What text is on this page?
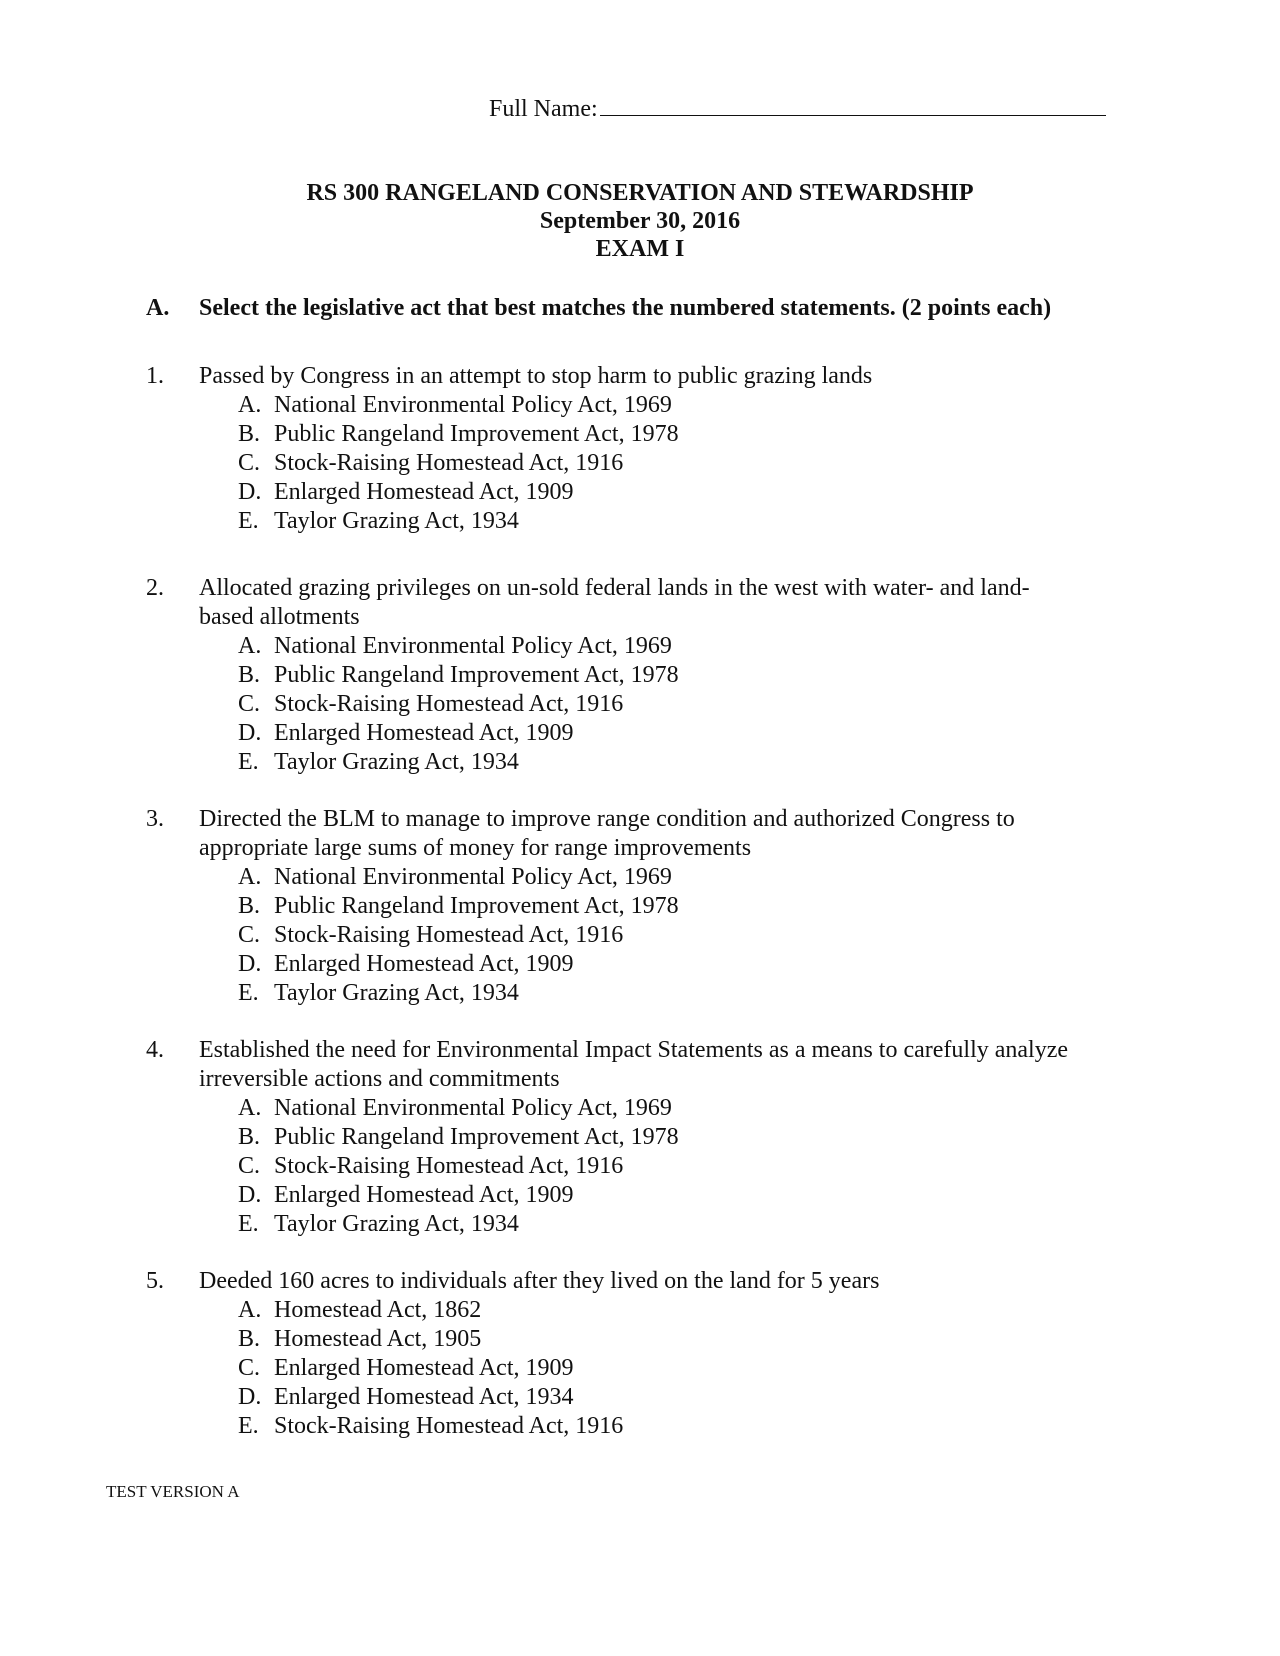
Full Name:
RS 300 RANGELAND CONSERVATION AND STEWARDSHIP
September 30, 2016
EXAM I
A. Select the legislative act that best matches the numbered statements. (2 points each)
1. Passed by Congress in an attempt to stop harm to public grazing lands
A. National Environmental Policy Act, 1969
B. Public Rangeland Improvement Act, 1978
C. Stock-Raising Homestead Act, 1916
D. Enlarged Homestead Act, 1909
E. Taylor Grazing Act, 1934
2. Allocated grazing privileges on un-sold federal lands in the west with water- and land-based allotments
A. National Environmental Policy Act, 1969
B. Public Rangeland Improvement Act, 1978
C. Stock-Raising Homestead Act, 1916
D. Enlarged Homestead Act, 1909
E. Taylor Grazing Act, 1934
3. Directed the BLM to manage to improve range condition and authorized Congress to appropriate large sums of money for range improvements
A. National Environmental Policy Act, 1969
B. Public Rangeland Improvement Act, 1978
C. Stock-Raising Homestead Act, 1916
D. Enlarged Homestead Act, 1909
E. Taylor Grazing Act, 1934
4. Established the need for Environmental Impact Statements as a means to carefully analyze irreversible actions and commitments
A. National Environmental Policy Act, 1969
B. Public Rangeland Improvement Act, 1978
C. Stock-Raising Homestead Act, 1916
D. Enlarged Homestead Act, 1909
E. Taylor Grazing Act, 1934
5. Deeded 160 acres to individuals after they lived on the land for 5 years
A. Homestead Act, 1862
B. Homestead Act, 1905
C. Enlarged Homestead Act, 1909
D. Enlarged Homestead Act, 1934
E. Stock-Raising Homestead Act, 1916
TEST VERSION A
